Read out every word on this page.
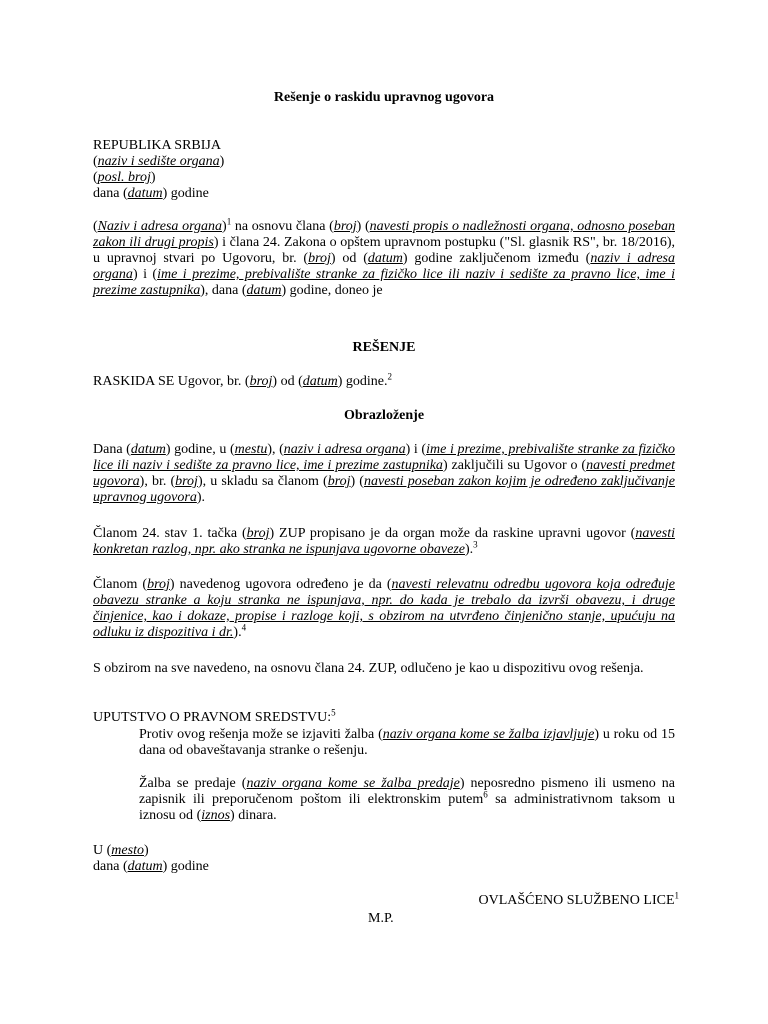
Rešenje o raskidu upravnog ugovora
REPUBLIKA SRBIJA
(naziv i sedište organa)
(posl. broj)
dana (datum) godine

(Naziv i adresa organa)$^1$ na osnovu člana (broj) (navesti propis o nadležnosti organa, odnosno poseban zakon ili drugi propis) i člana 24. Zakona o opštem upravnom postupku ("Sl. glasnik RS", br. 18/2016), u upravnoj stvari po Ugovoru, br. (broj) od (datum) godine zaključenom između (naziv i adresa organa) i (ime i prezime, prebivalište stranke za fizičko lice ili naziv i sedište za pravno lice, ime i prezime zastupnika), dana (datum) godine, doneo je

REŠENJE

RASKIDA SE Ugovor, br. (broj) od (datum) godine.$^2$

Obrazloženje

Dana (datum) godine, u (mestu), (naziv i adresa organa) i (ime i prezime, prebivalište stranke za fizičko lice ili naziv i sedište za pravno lice, ime i prezime zastupnika) zaključili su Ugovor o (navesti predmet ugovora), br. (broj), u skladu sa članom (broj) (navesti poseban zakon kojim je određeno zaključivanje upravnog ugovora).

Članom 24. stav 1. tačka (broj) ZUP propisano je da organ može da raskine upravni ugovor (navesti konkretan razlog, npr. ako stranka ne ispunjava ugovorne obaveze).$^3$

Članom (broj) navedenog ugovora određeno je da (navesti relevatnu odredbu ugovora koja određuje obavezu stranke a koju stranka ne ispunjava, npr. do kada je trebalo da izvrši obavezu, i druge činjenice, kao i dokaze, propise i razloge koji, s obzirom na utvrđeno činjenično stanje, upućuju na odluku iz dispozitiva i dr.).$^4$

S obzirom na sve navedeno, na osnovu člana 24. ZUP, odlučeno je kao u dispozitivu ovog rešenja.

UPUTSTVO O PRAVNOM SREDSTVU:$^5$

Protiv ovog rešenja može se izjaviti žalba (naziv organa kome se žalba izjavljuje) u roku od 15 dana od obaveštavanja stranke o rešenju.

Žalba se predaje (naziv organa kome se žalba predaje) neposredno pismeno ili usmeno na zapisnik ili preporučenom poštom ili elektronskim putem$^6$ sa administrativnom taksom u iznosu od (iznos) dinara.

U (mesto)
dana (datum) godine
OVLAŠĆENO SLUŽBENO LICE$^1$
M.P.
